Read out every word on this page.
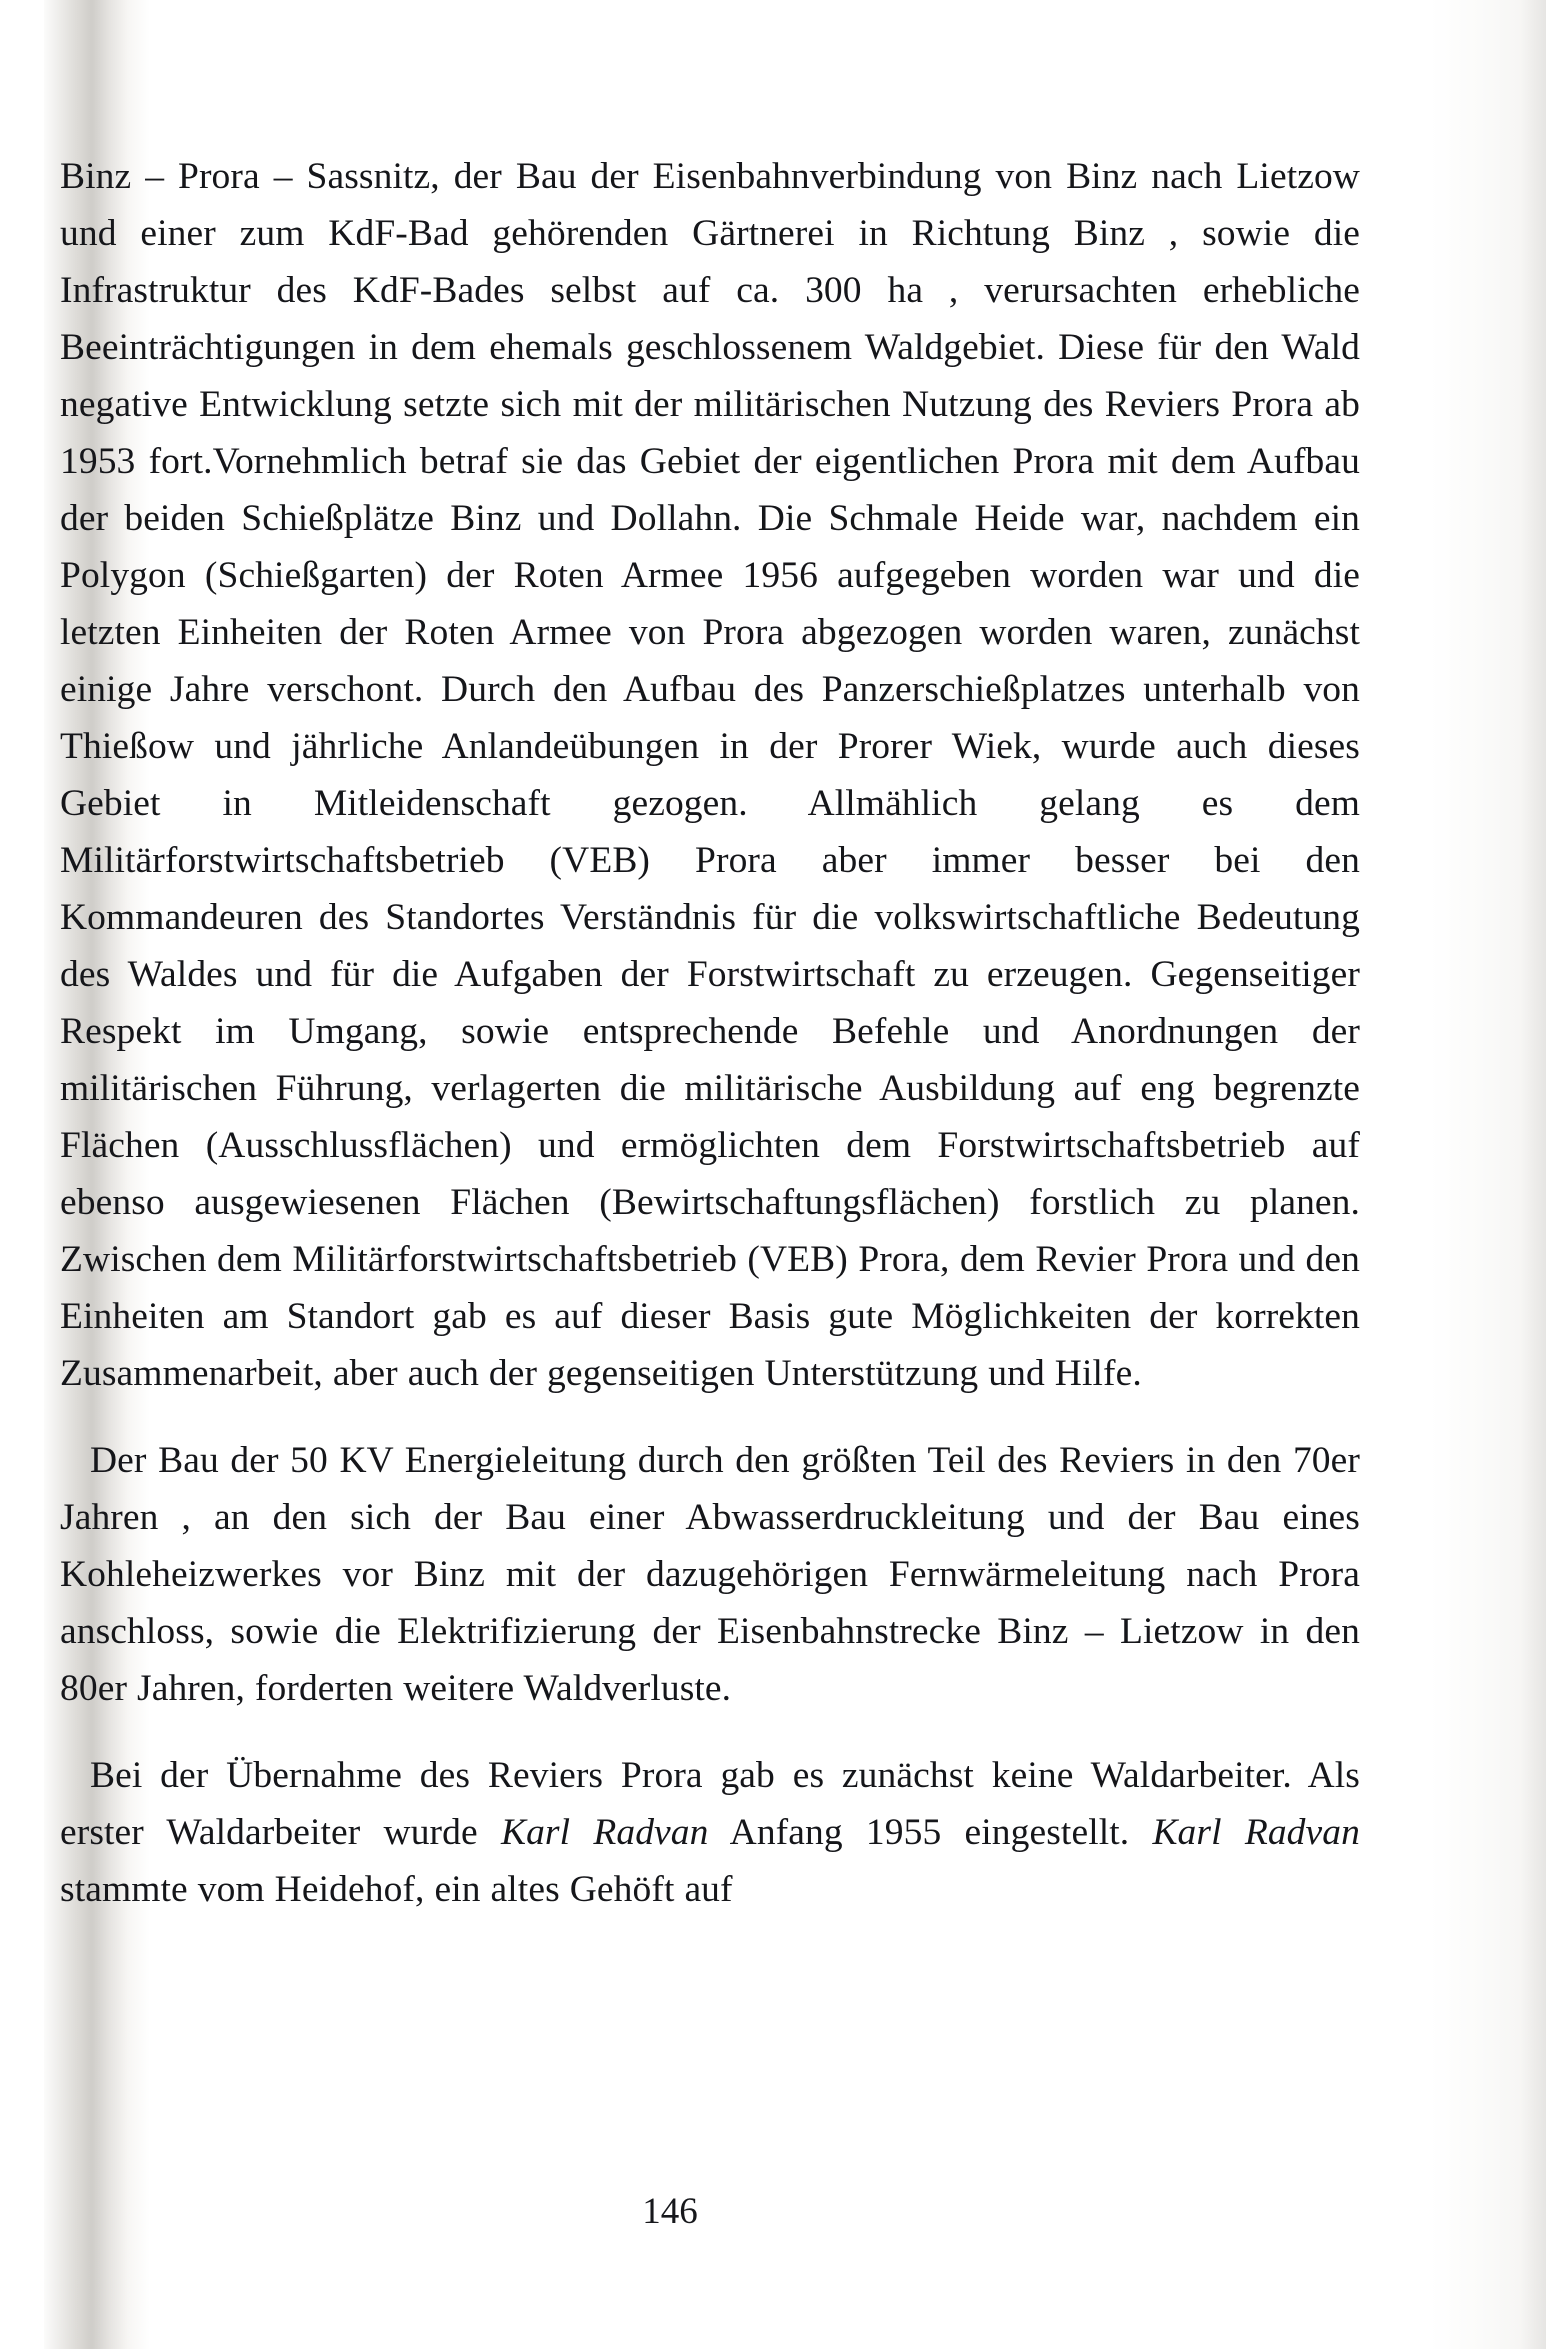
Binz – Prora – Sassnitz, der Bau der Eisenbahnverbindung von Binz nach Lietzow und einer zum KdF-Bad gehörenden Gärtnerei in Richtung Binz , sowie die Infrastruktur des KdF-Bades selbst auf ca. 300 ha , verursachten erhebliche Beeinträchtigungen in dem ehemals geschlossenem Waldgebiet. Diese für den Wald negative Entwicklung setzte sich mit der militärischen Nutzung des Reviers Prora ab 1953 fort.Vornehmlich betraf sie das Gebiet der eigentlichen Prora mit dem Aufbau der beiden Schießplätze Binz und Dollahn. Die Schmale Heide war, nachdem ein Polygon (Schießgarten) der Roten Armee 1956 aufgegeben worden war und die letzten Einheiten der Roten Armee von Prora abgezogen worden waren, zunächst einige Jahre verschont. Durch den Aufbau des Panzerschießplatzes unterhalb von Thießow und jährliche Anlandeübungen in der Prorer Wiek, wurde auch dieses Gebiet in Mitleidenschaft gezogen. Allmählich gelang es dem Militärforstwirtschaftsbetrieb (VEB) Prora aber immer besser bei den Kommandeuren des Standortes Verständnis für die volkswirtschaftliche Bedeutung des Waldes und für die Aufgaben der Forstwirtschaft zu erzeugen. Gegenseitiger Respekt im Umgang, sowie entsprechende Befehle und Anordnungen der militärischen Führung, verlagerten die militärische Ausbildung auf eng begrenzte Flächen (Ausschlussflächen) und ermöglichten dem Forstwirtschaftsbetrieb auf ebenso ausgewiesenen Flächen (Bewirtschaftungsflächen) forstlich zu planen. Zwischen dem Militärforstwirtschaftsbetrieb (VEB) Prora, dem Revier Prora und den Einheiten am Standort gab es auf dieser Basis gute Möglichkeiten der korrekten Zusammenarbeit, aber auch der gegenseitigen Unterstützung und Hilfe.

Der Bau der 50 KV Energieleitung durch den größten Teil des Reviers in den 70er Jahren , an den sich der Bau einer Abwasserdruckleitung und der Bau eines Kohleheizwerkes vor Binz mit der dazugehörigen Fernwärmeleitung nach Prora anschloss, sowie die Elektrifizierung der Eisenbahnstrecke Binz – Lietzow in den 80er Jahren, forderten weitere Waldverluste.

Bei der Übernahme des Reviers Prora gab es zunächst keine Waldarbeiter. Als erster Waldarbeiter wurde Karl Radvan Anfang 1955 eingestellt. Karl Radvan stammte vom Heidehof, ein altes Gehöft auf

146
